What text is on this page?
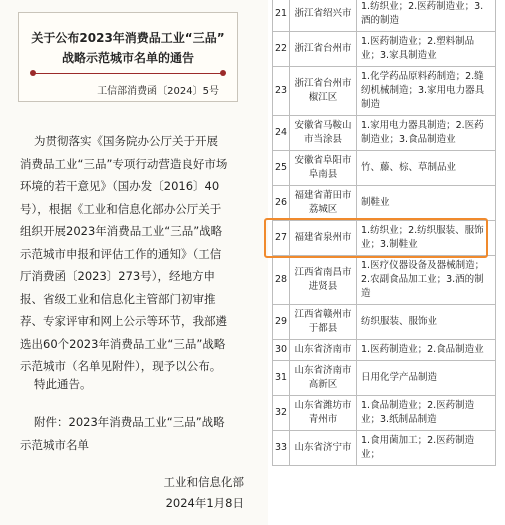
关于公布2023年消费品工业“三品”
战略示范城市名单的通告
工信部消费函〔2024〕5号

为贯彻落实《国务院办公厅关于开展

消费品工业“三品”专项行动营造良好市场

环境的若干意见》（国办发〔2016〕40

号），根据《工业和信息化部办公厅关于

组织开展2023年消费品工业“三品”战略

示范城市申报和评估工作的通知》（工信

厅消费函〔2023〕273号），经地方申

报、省级工业和信息化主管部门初审推

荐、专家评审和网上公示等环节，我部遴

选出60个2023年消费品工业“三品”战略

示范城市（名单见附件），现予以公布。

特此通告。

附件：2023年消费品工业“三品”战略

示范城市名单

工业和信息化部
2024年1月8日
21	浙江省绍兴市	1.纺织业；2.医药制造业；3.酒的制造
22	浙江省台州市	1.医药制造业；2.塑料制品业；3.家具制造业
23	浙江省台州市椒江区	1.化学药品原料药制造；2.缝纫机械制造；3.家用电力器具制造
24	安徽省马鞍山市当涂县	1.家用电力器具制造；2.医药制造业；3.食品制造业
25	安徽省阜阳市阜南县	竹、藤、棕、草制品业
26	福建省莆田市荔城区	制鞋业
27	福建省泉州市	1.纺织业；2.纺织服装、服饰业；3.制鞋业
28	江西省南昌市进贤县	1.医疗仪器设备及器械制造；2.农副食品加工业；3.酒的制造
29	江西省赣州市于都县	纺织服装、服饰业
30	山东省济南市	1.医药制造业；2.食品制造业
31	山东省济南市高新区	日用化学产品制造
32	山东省潍坊市青州市	1.食品制造业；2.医药制造业；3.纸制品制造
33	山东省济宁市	1.食用菌加工；2.医药制造业；
